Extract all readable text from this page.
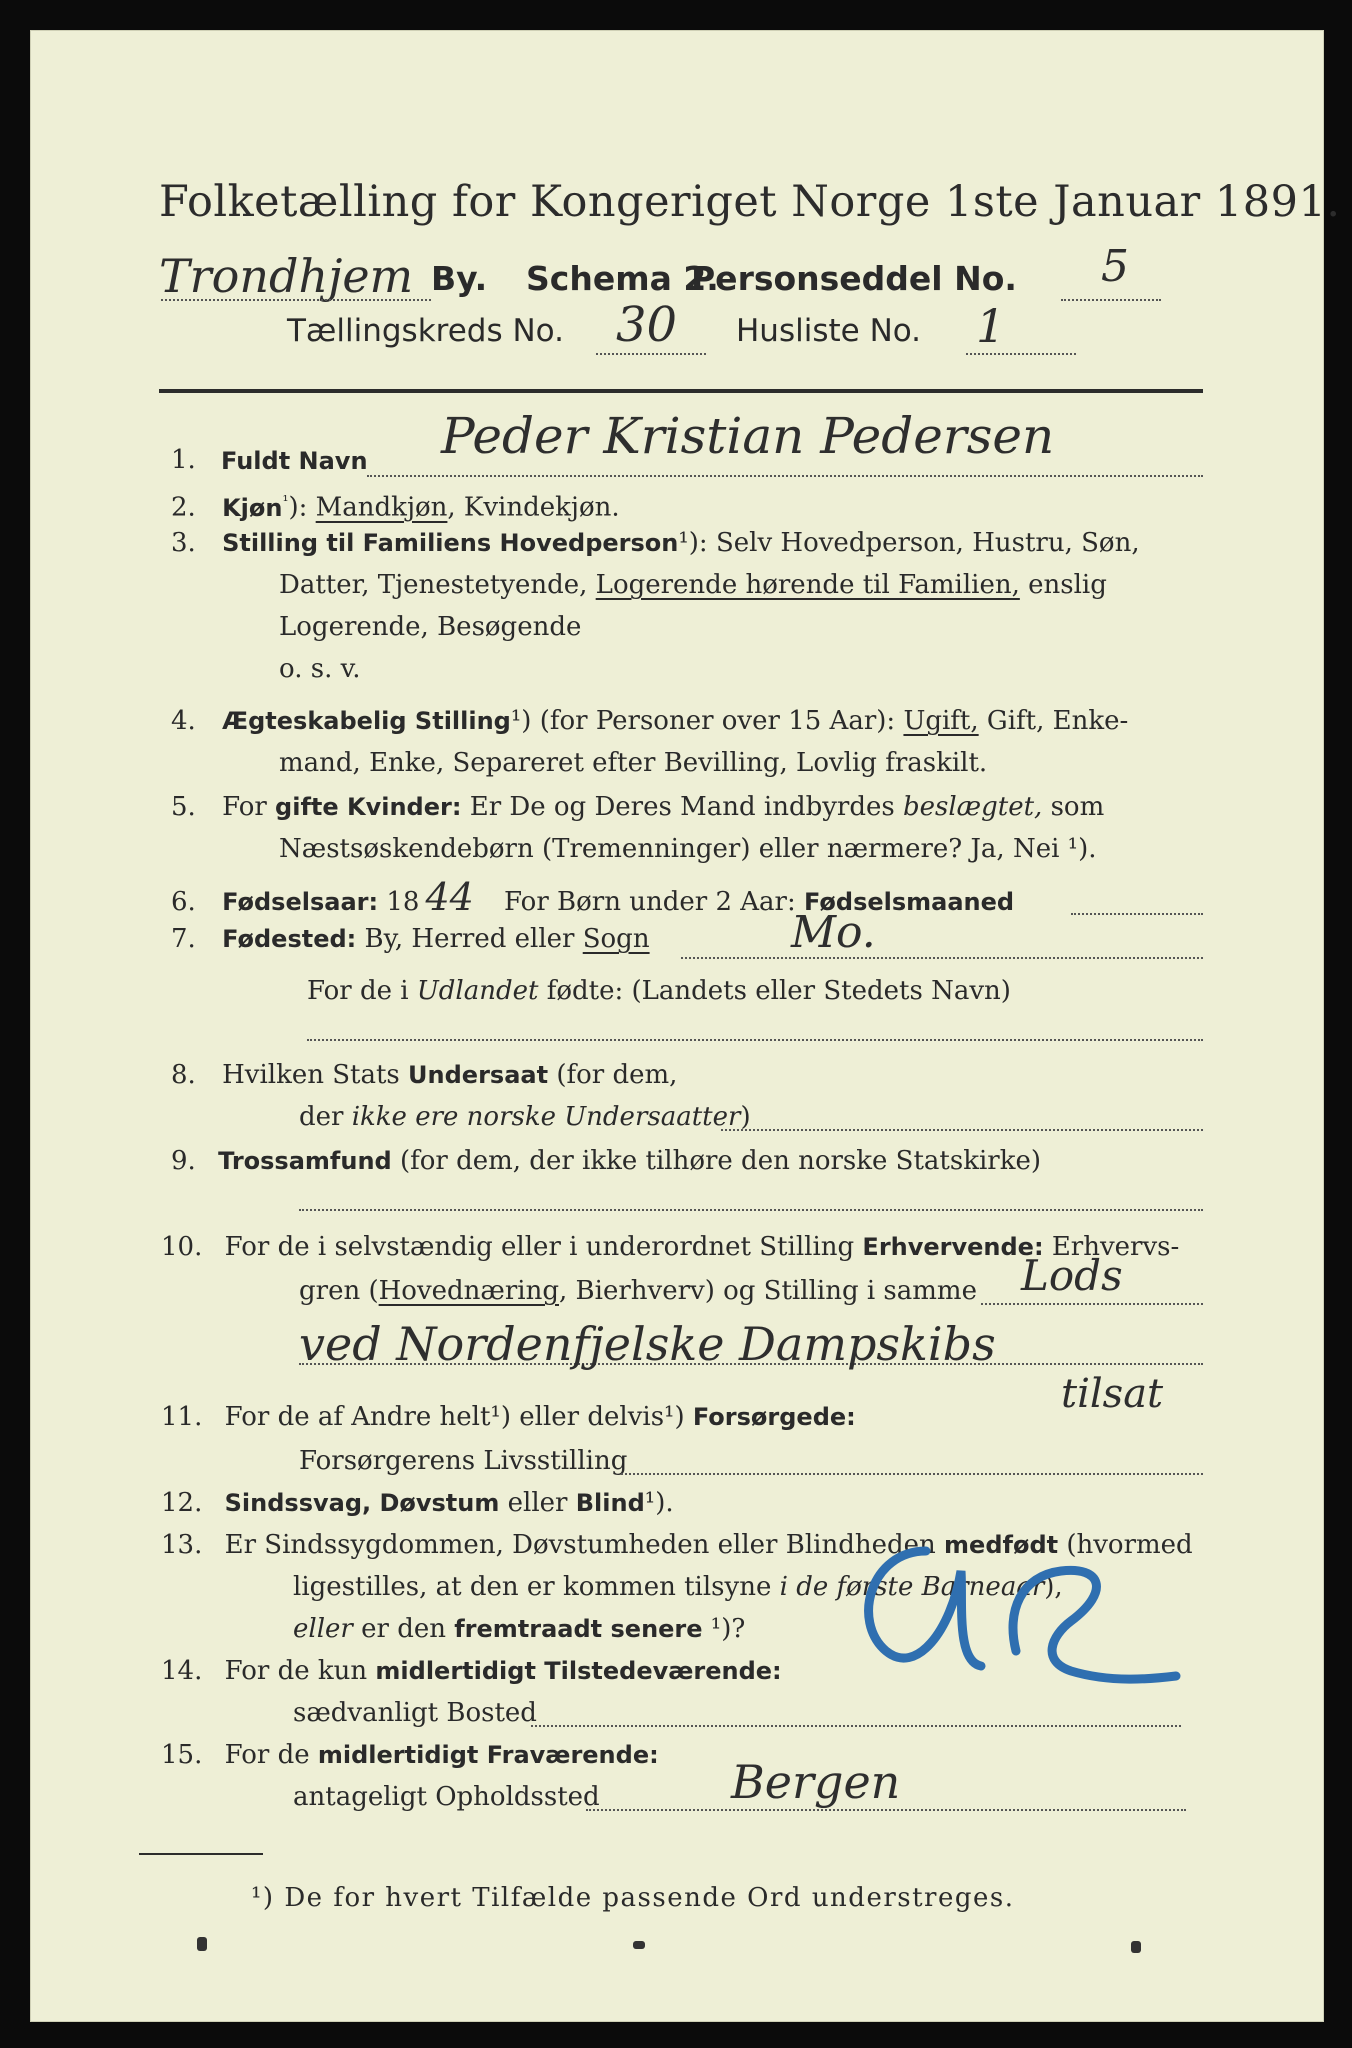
Folketælling for Kongeriget Norge 1ste Januar 1891.
Trondhjem By. Schema 2.
Personseddel No. 5
Tællingskreds No. 30 Husliste No. 1
1. Fuldt Navn Peder Kristian Pedersen
2. Kjøn$^{^1}$): Mandkjøn, Kvindekjøn.
3. Stilling til Familiens Hovedperson¹): Selv Hovedperson, Hustru, Søn,
Datter, Tjenestetyende, Logerende hørende til Familien, enslig
Logerende, Besøgende
o. s. v.
4. Ægteskabelig Stilling¹) (for Personer over 15 Aar): Ugift, Gift, Enke-
mand, Enke, Separeret efter Bevilling, Lovlig fraskilt.
5. For gifte Kvinder: Er De og Deres Mand indbyrdes beslægtet, som
Næstsøskendebørn (Tremenninger) eller nærmere? Ja, Nei ¹).
6. Fødselsaar: 18 44 For Børn under 2 Aar: Fødselsmaaned
7. Fødested: By, Herred eller Sogn	Mo.
For de i Udlandet fødte: (Landets eller Stedets Navn)
8. Hvilken Stats Undersaat (for dem,
der ikke ere norske Undersaatter)
9. Trossamfund (for dem, der ikke tilhøre den norske Statskirke)
10. For de i selvstændig eller i underordnet Stilling Erhvervende: Erhvervs-
gren (Hovednæring, Bierhverv) og Stilling i samme Lods
ved Nordenfjelske Dampskibs
tilsat
11. For de af Andre helt¹) eller delvis¹) Forsørgede:
Forsørgerens Livsstilling
12. Sindssvag, Døvstum eller Blind¹).
13. Er Sindssygdommen, Døvstumheden eller Blindheden medfødt (hvormed
ligestilles, at den er kommen tilsyne i de første Barneaar),
eller er den fremtraadt senere ¹)?
14. For de kun midlertidigt Tilstedeværende:
sædvanligt Bosted
15. For de midlertidigt Fraværende:
antageligt Opholdssted	Bergen
¹) De for hvert Tilfælde passende Ord understreges.
